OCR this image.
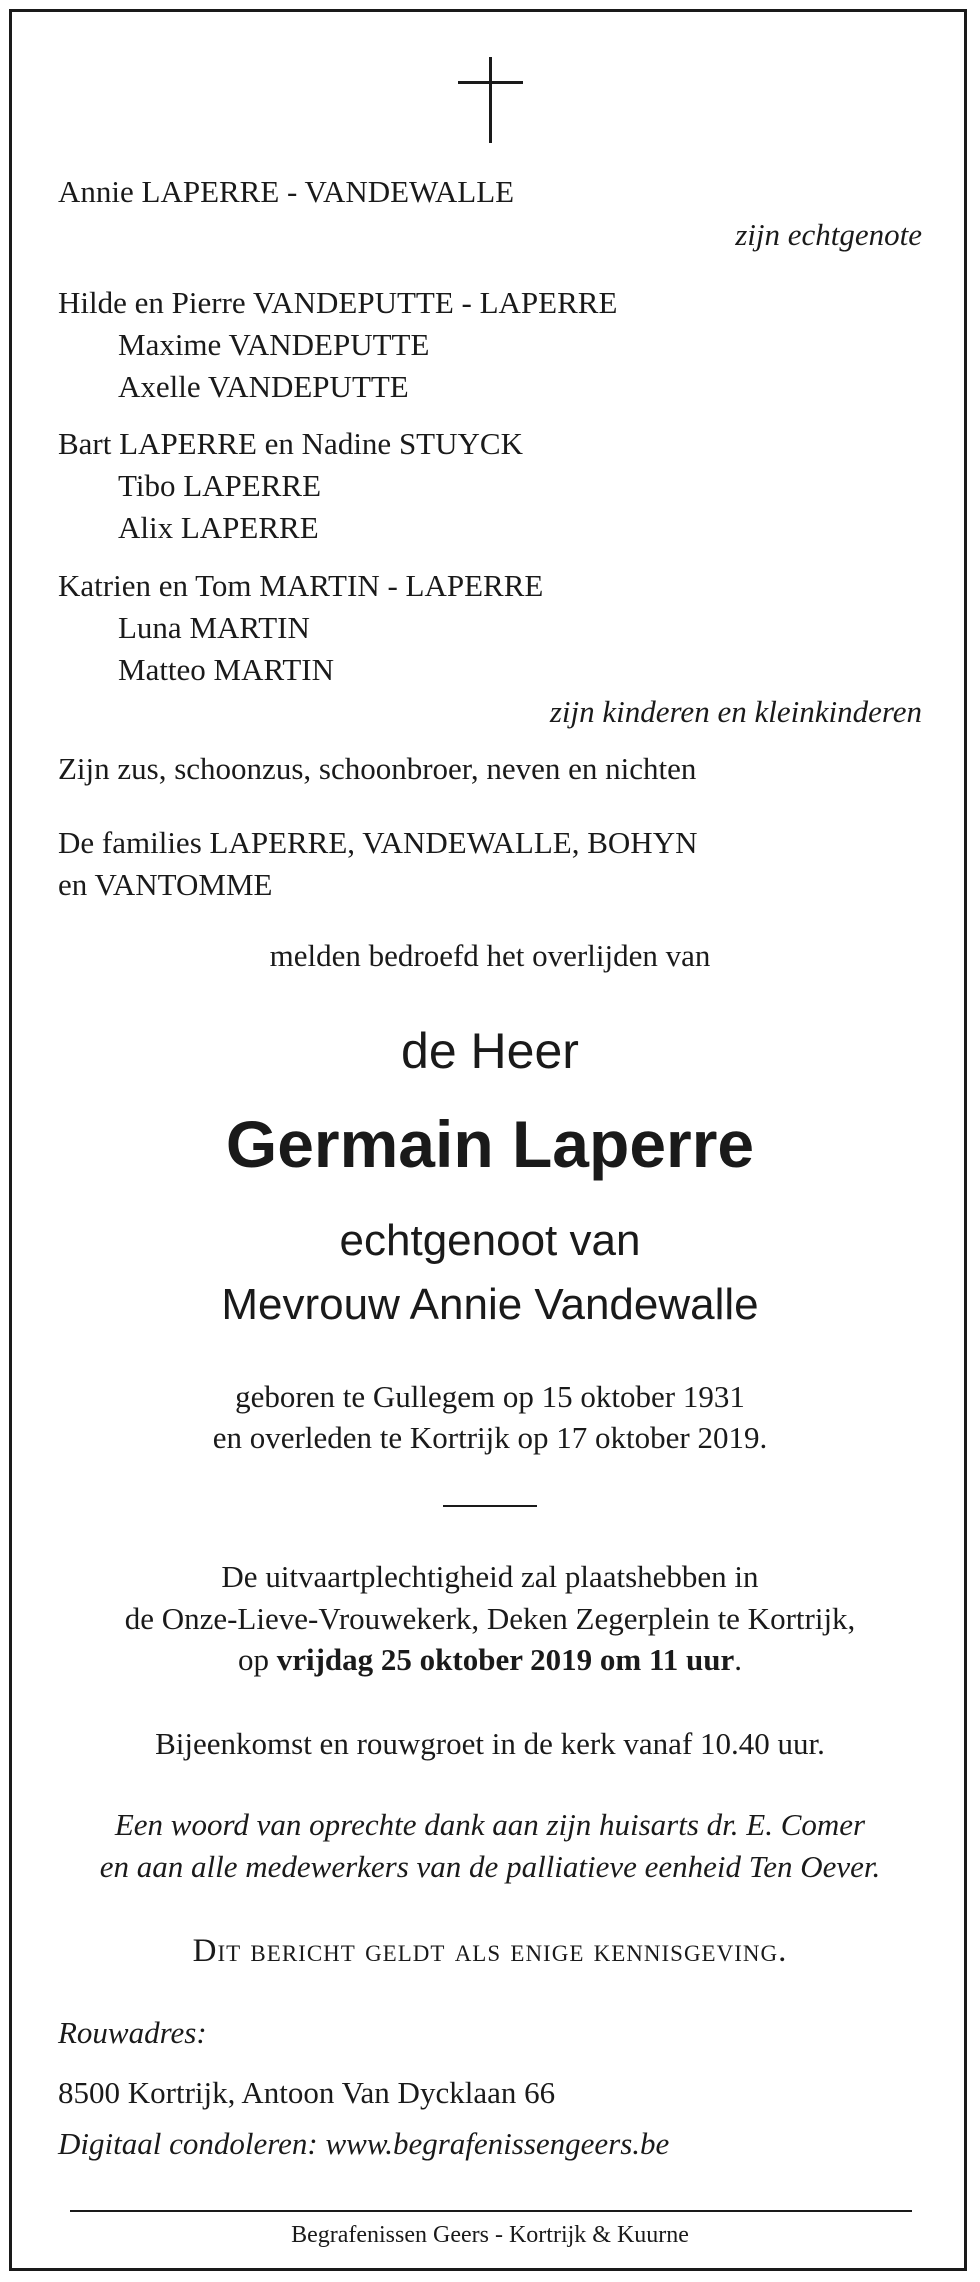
Annie LAPERRE - VANDEWALLE
zijn echtgenote
Hilde en Pierre VANDEPUTTE - LAPERRE
Maxime VANDEPUTTE
Axelle VANDEPUTTE
Bart LAPERRE en Nadine STUYCK
Tibo LAPERRE
Alix LAPERRE
Katrien en Tom MARTIN - LAPERRE
Luna MARTIN
Matteo MARTIN
zijn kinderen en kleinkinderen
Zijn zus, schoonzus, schoonbroer, neven en nichten
De families LAPERRE, VANDEWALLE, BOHYN
en VANTOMME
melden bedroefd het overlijden van
de Heer
Germain Laperre
echtgenoot van
Mevrouw Annie Vandewalle
geboren te Gullegem op 15 oktober 1931
en overleden te Kortrijk op 17 oktober 2019.
De uitvaartplechtigheid zal plaatshebben in
de Onze-Lieve-Vrouwekerk, Deken Zegerplein te Kortrijk,
op vrijdag 25 oktober 2019 om 11 uur.
Bijeenkomst en rouwgroet in de kerk vanaf 10.40 uur.
Een woord van oprechte dank aan zijn huisarts dr. E. Comer
en aan alle medewerkers van de palliatieve eenheid Ten Oever.
Dit bericht geldt als enige kennisgeving.
Rouwadres:
8500 Kortrijk, Antoon Van Dycklaan 66
Digitaal condoleren: www.begrafenissengeers.be
Begrafenissen Geers - Kortrijk & Kuurne
